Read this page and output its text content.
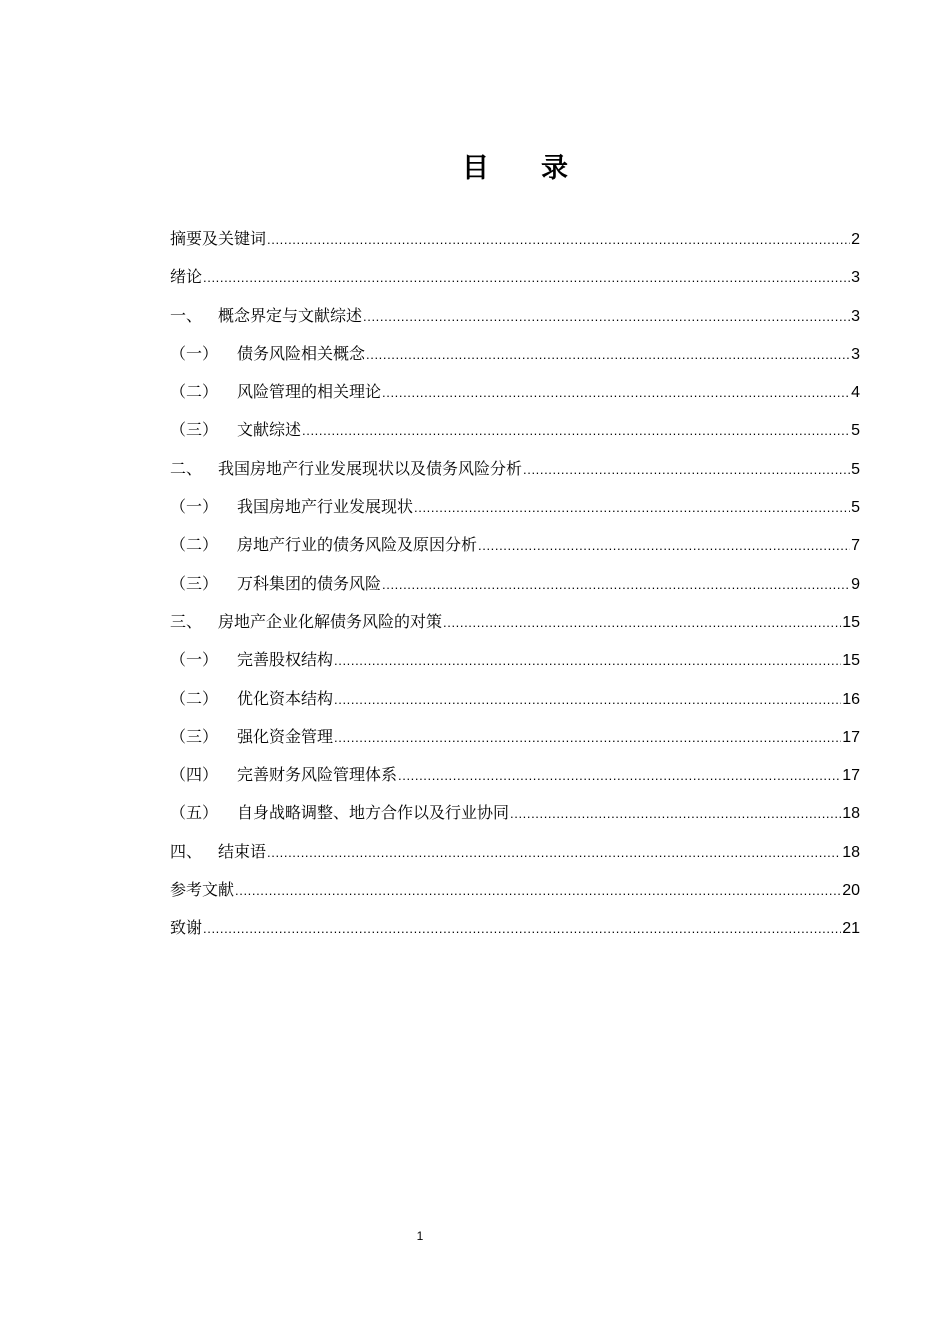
目 录
摘要及关键词 .....	2
绪论 .....	3
一、 概念界定与文献综述 .....	3
（一）	债务风险相关概念 .....	3
（二）	风险管理的相关理论 .....	4
（三）	文献综述 .....	5
二、 我国房地产行业发展现状以及债务风险分析 .....	5
（一）	我国房地产行业发展现状 .....	5
（二）	房地产行业的债务风险及原因分析 .....	7
（三）	万科集团的债务风险 .....	9
三、 房地产企业化解债务风险的对策 .....	15
（一）	完善股权结构 .....	15
（二）	优化资本结构 .....	16
（三）	强化资金管理 .....	17
（四）	完善财务风险管理体系 .....	17
（五）	自身战略调整、地方合作以及行业协同 .....	18
四、 结束语 .....	18
参考文献 .....	20
致谢 .....	21
1
